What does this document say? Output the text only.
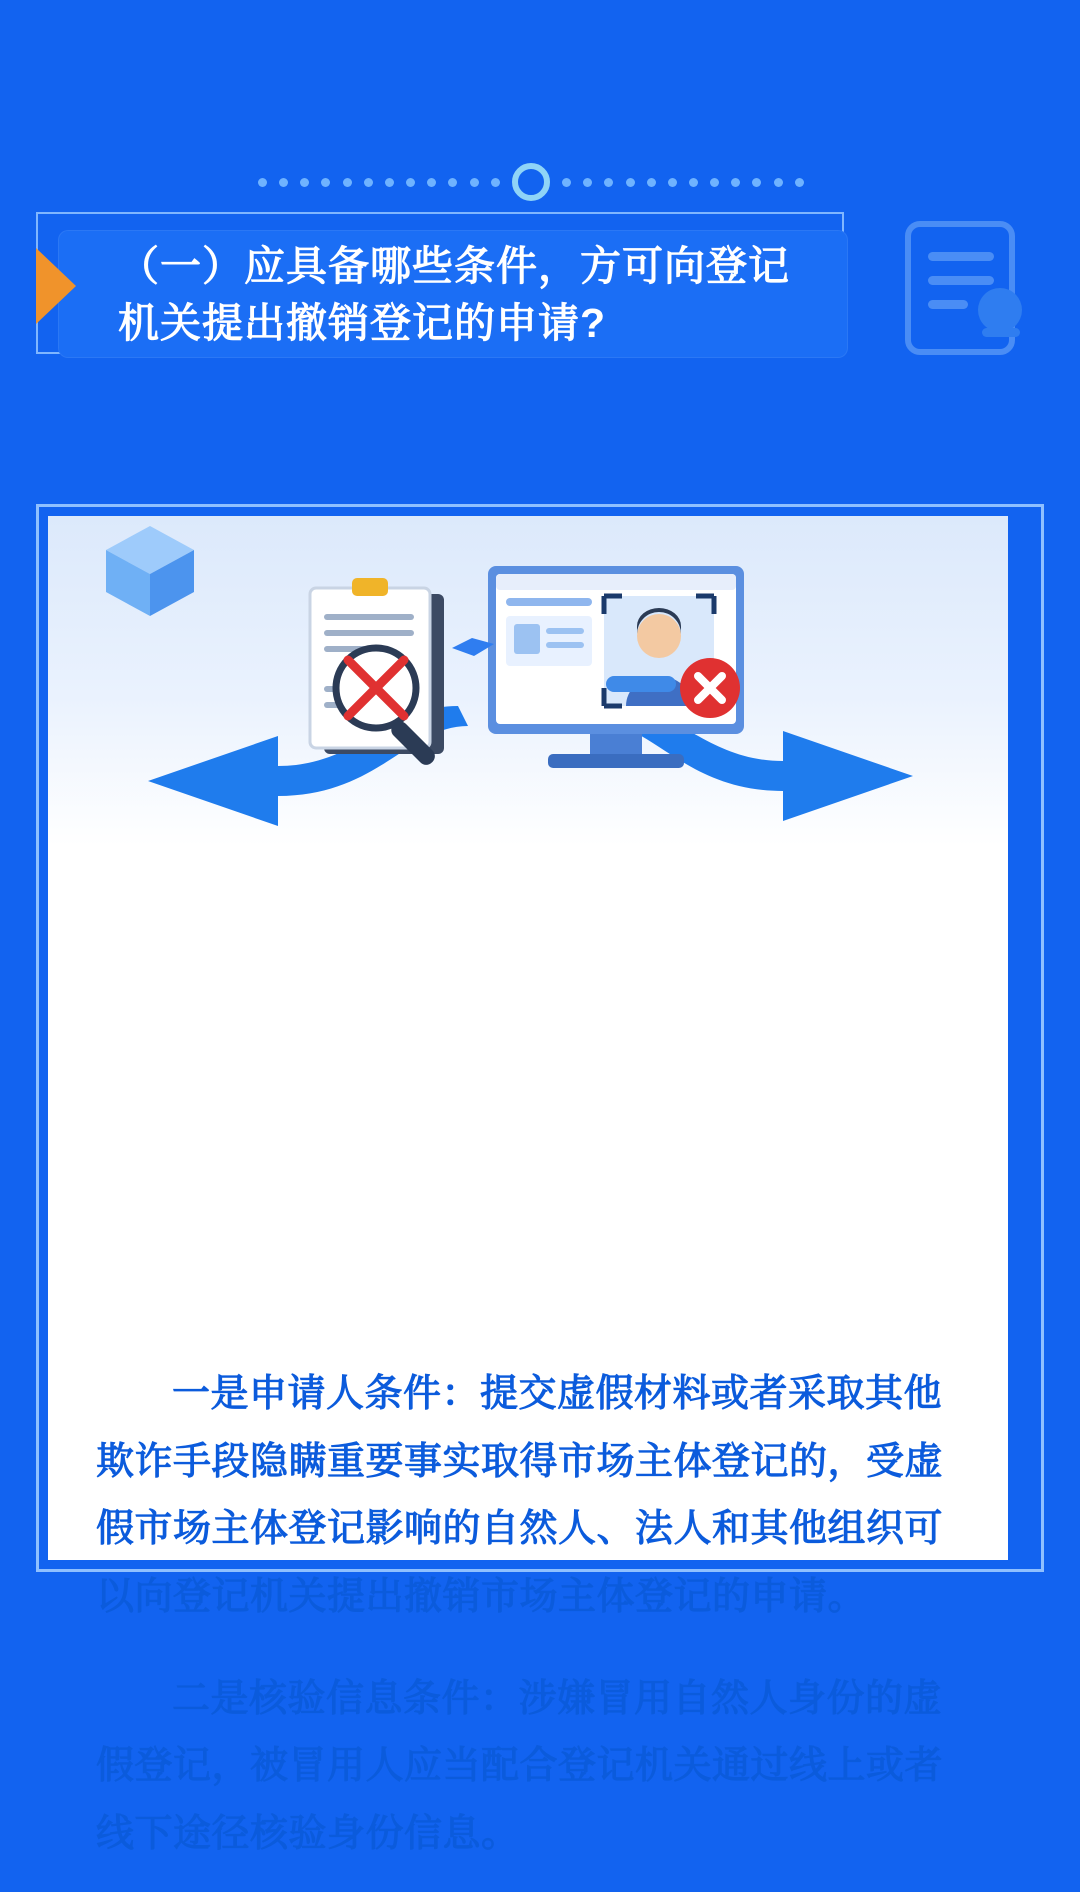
（一）应具备哪些条件，方可向登记机关提出撤销登记的申请?

一是申请人条件：提交虚假材料或者采取其他欺诈手段隐瞒重要事实取得市场主体登记的，受虚假市场主体登记影响的自然人、法人和其他组织可以向登记机关提出撤销市场主体登记的申请。

二是核验信息条件：涉嫌冒用自然人身份的虚假登记，被冒用人应当配合登记机关通过线上或者线下途径核验身份信息。
